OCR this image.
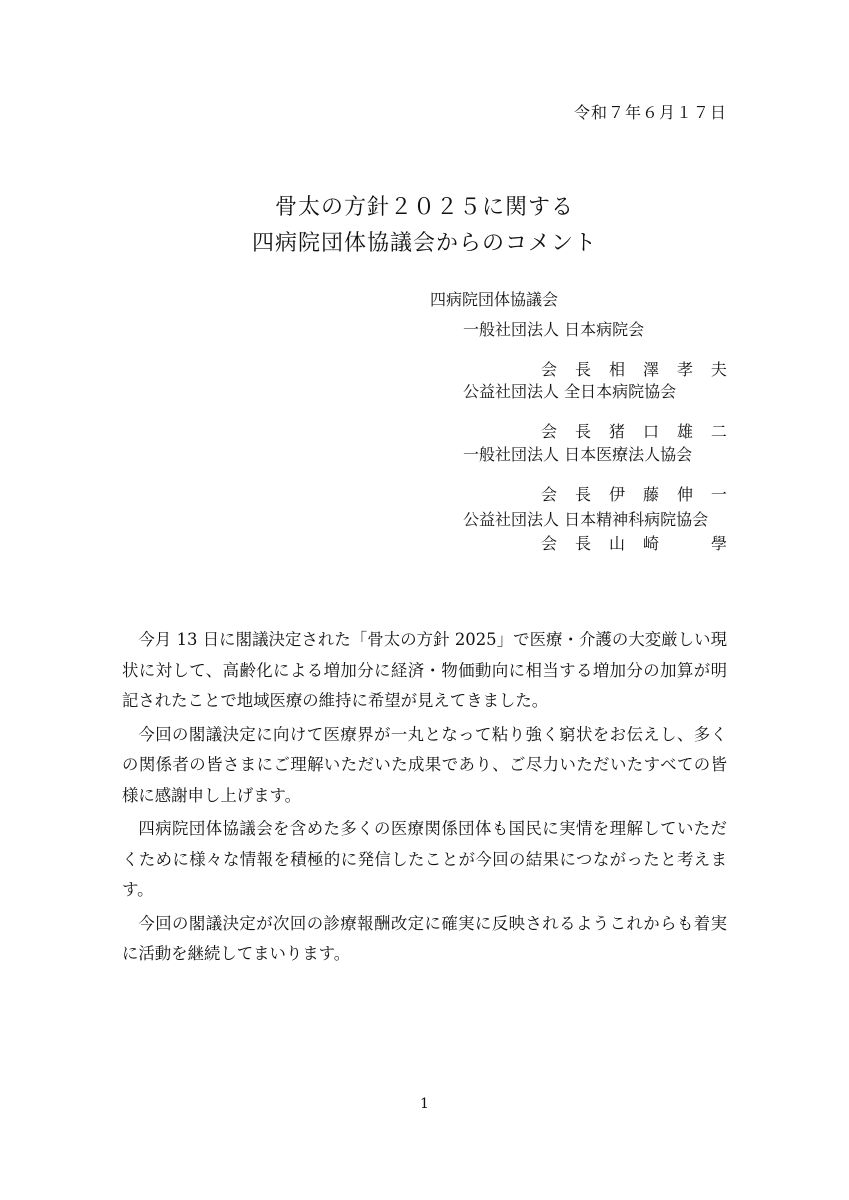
令和７年６月１７日
骨太の方針２０２５に関する
四病院団体協議会からのコメント
四病院団体協議会
一般社団法人 日本病院会
会 長 相 澤 孝 夫
公益社団法人 全日本病院協会
会 長 猪 口 雄 二
一般社団法人 日本医療法人協会
会 長 伊 藤 伸 一
公益社団法人 日本精神科病院協会
会 長 山 崎	學

今月 13 日に閣議決定された「骨太の方針 2025」で医療・介護の大変厳しい現状に対して、高齢化による増加分に経済・物価動向に相当する増加分の加算が明記されたことで地域医療の維持に希望が見えてきました。

今回の閣議決定に向けて医療界が一丸となって粘り強く窮状をお伝えし、多くの関係者の皆さまにご理解いただいた成果であり、ご尽力いただいたすべての皆様に感謝申し上げます。

四病院団体協議会を含めた多くの医療関係団体も国民に実情を理解していただくために様々な情報を積極的に発信したことが今回の結果につながったと考えます。

今回の閣議決定が次回の診療報酬改定に確実に反映されるようこれからも着実に活動を継続してまいります。

1
